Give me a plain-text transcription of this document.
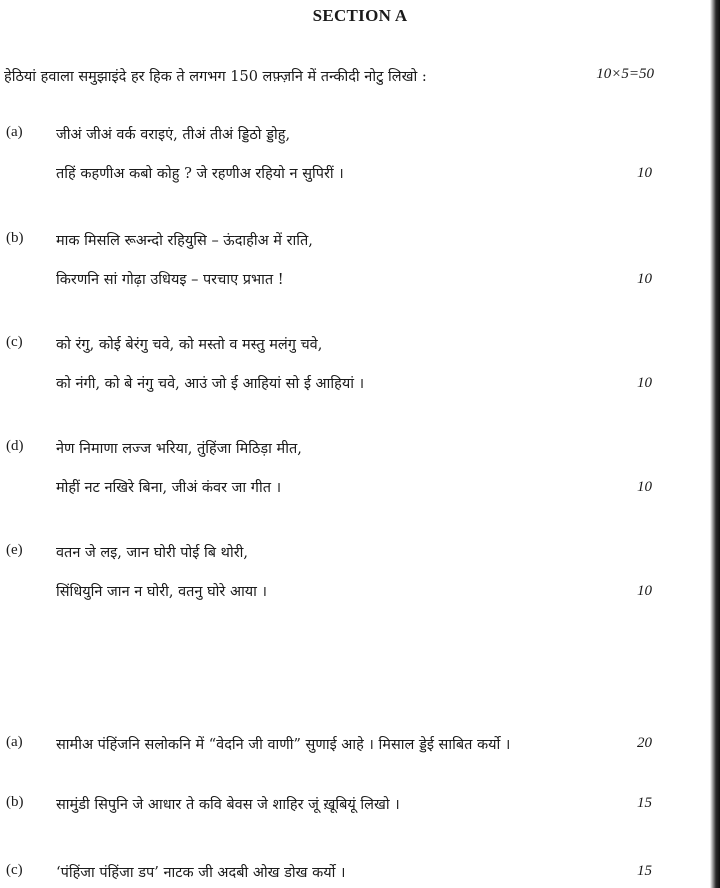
SECTION A
हेठियां हवाला समुझाइंदे हर हिक ते लगभग 150 लफ़्ज़नि में तन्कीदी नोटु लिखो :	10×5=50
(a) जीअं जीअं वर्क वराइएं, तीअं तीअं ड्डिठो ड्डोहु,
तहिं कहणीअ कबो कोहु ? जे रहणीअ रहियो न सुपिरीं ।	10
(b) माक मिसलि रूअन्दो रहियुसि – ऊंदाहीअ में राति,
किरणनि सां गोढ़ा उधियइ – परचाए प्रभात !	10
(c) को रंगु, कोई बेरंगु चवे, को मस्तो व मस्तु मलंगु चवे,
को नंगी, को बे नंगु चवे, आउं जो ई आहियां सो ई आहियां ।	10
(d) नेण निमाणा लज्ज भरिया, तुंहिंजा मिठिड़ा मीत,
मोहीं नट नखिरे बिना, जीअं कंवर जा गीत ।	10
(e) वतन जे लइ, जान घोरी पोई बि थोरी,
सिंधियुनि जान न घोरी, वतनु घोरे आया ।	10
(a) सामीअ पंहिंजनि सलोकनि में “वेदनि जी वाणी” सुणाई आहे । मिसाल ड्डेई साबित कर्यो ।	20
(b) सामुंडी सिपुनि जे आधार ते कवि बेवस जे शाहिर जूं ख़ूबियूं लिखो ।	15
(c) ‘पंहिंजा पंहिंजा डप’ नाटक जी अदबी ओख डोख कर्यो ।	15
